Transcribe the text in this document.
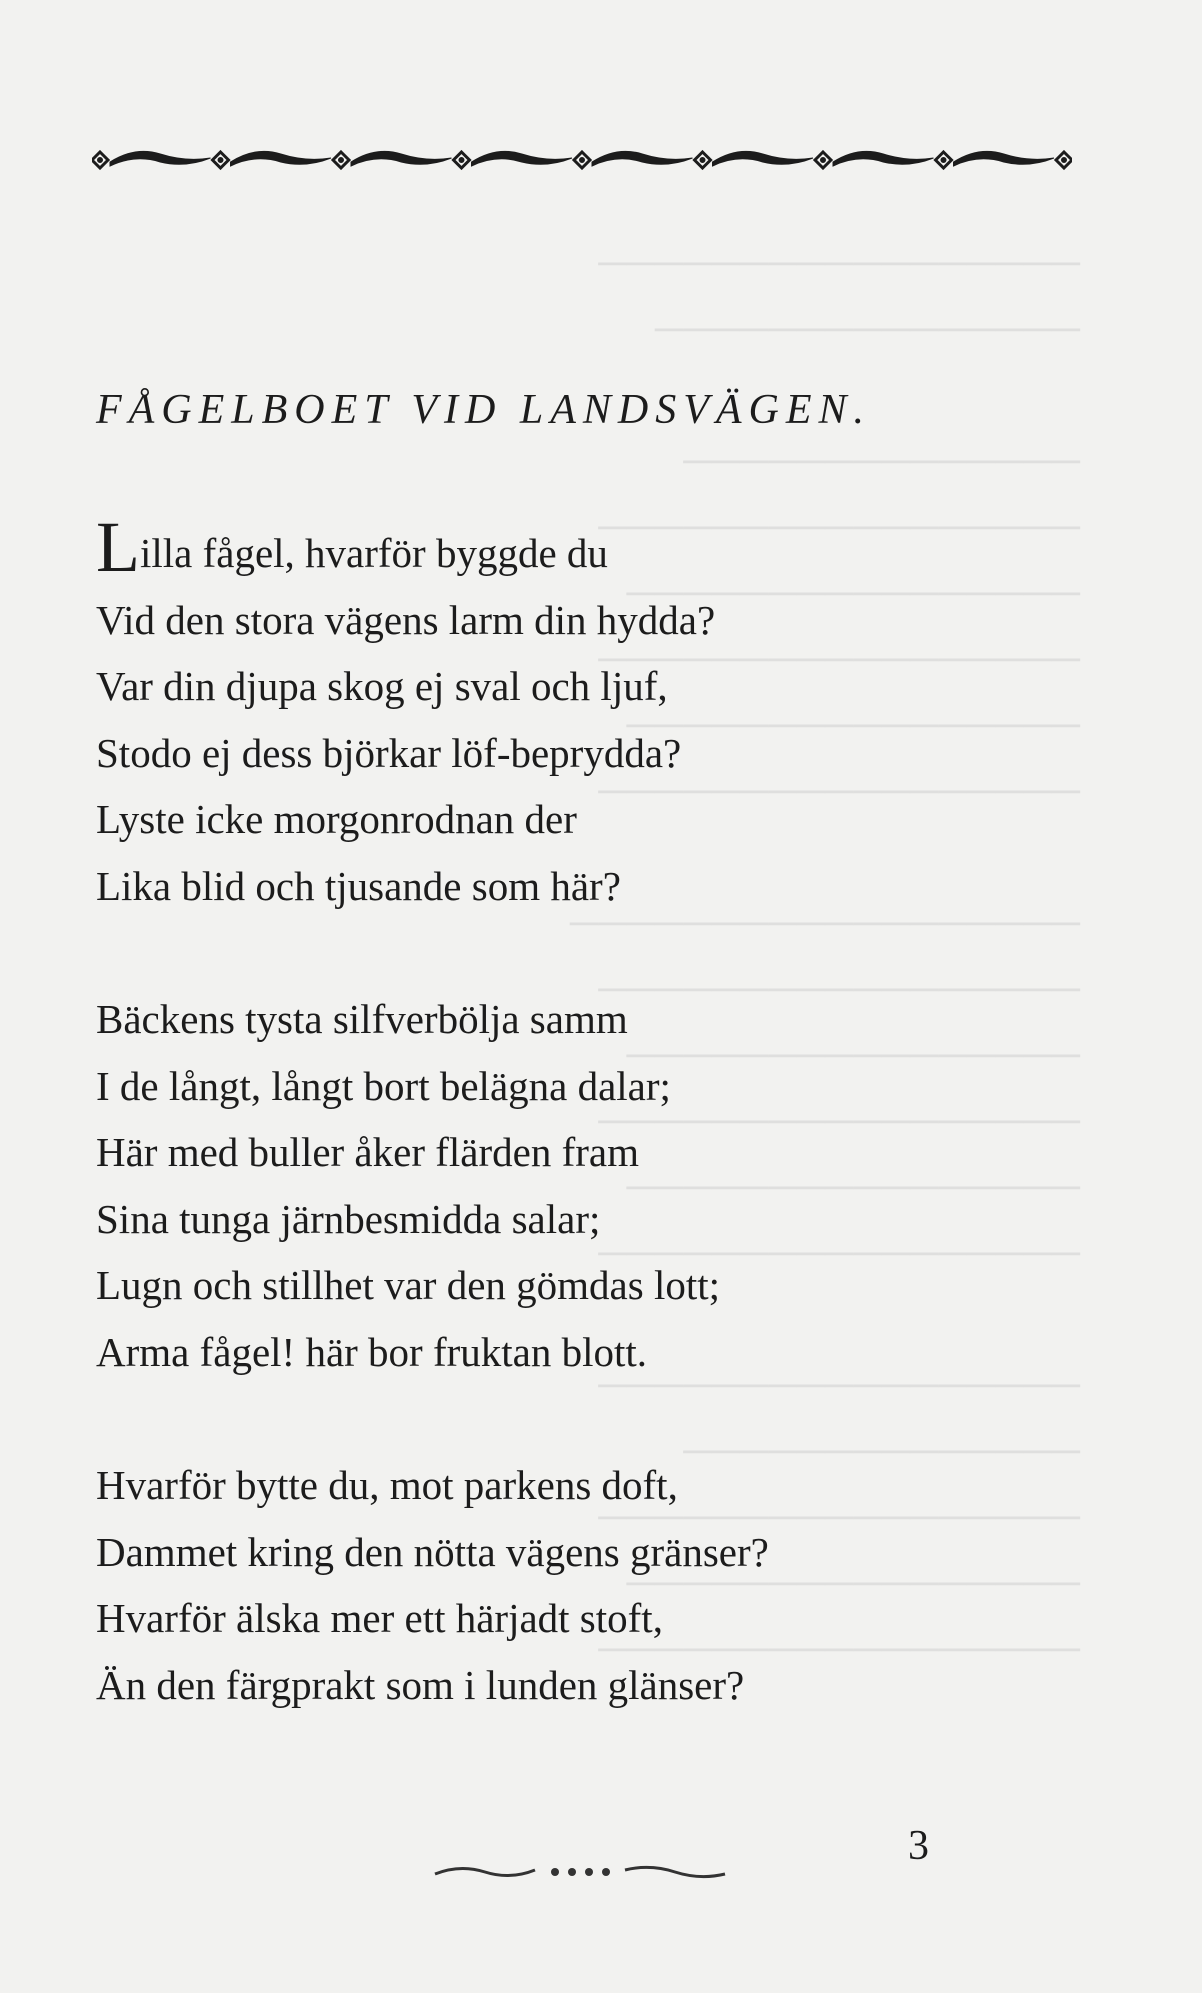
─────────────────
───────────────

──────────────
─────────────────
────────────────
─────────────────
────────────────
─────────────────

──────────────────
─────────────────
────────────────
─────────────────
────────────────
─────────────────

─────────────────
──────────────
─────────────────
────────────────
─────────────────
FÅGELBOET VID LANDSVÄGEN.

Lilla fågel, hvarför byggde du
Vid den stora vägens larm din hydda?
Var din djupa skog ej sval och ljuf,
Stodo ej dess björkar löf-beprydda?
Lyste icke morgonrodnan der
Lika blid och tjusande som här?

Bäckens tysta silfverbölja samm
I de långt, långt bort belägna dalar;
Här med buller åker flärden fram
Sina tunga järnbesmidda salar;
Lugn och stillhet var den gömdas lott;
Arma fågel! här bor fruktan blott.

Hvarför bytte du, mot parkens doft,
Dammet kring den nötta vägens gränser?
Hvarför älska mer ett härjadt stoft,
Än den färgprakt som i lunden glänser?

3
